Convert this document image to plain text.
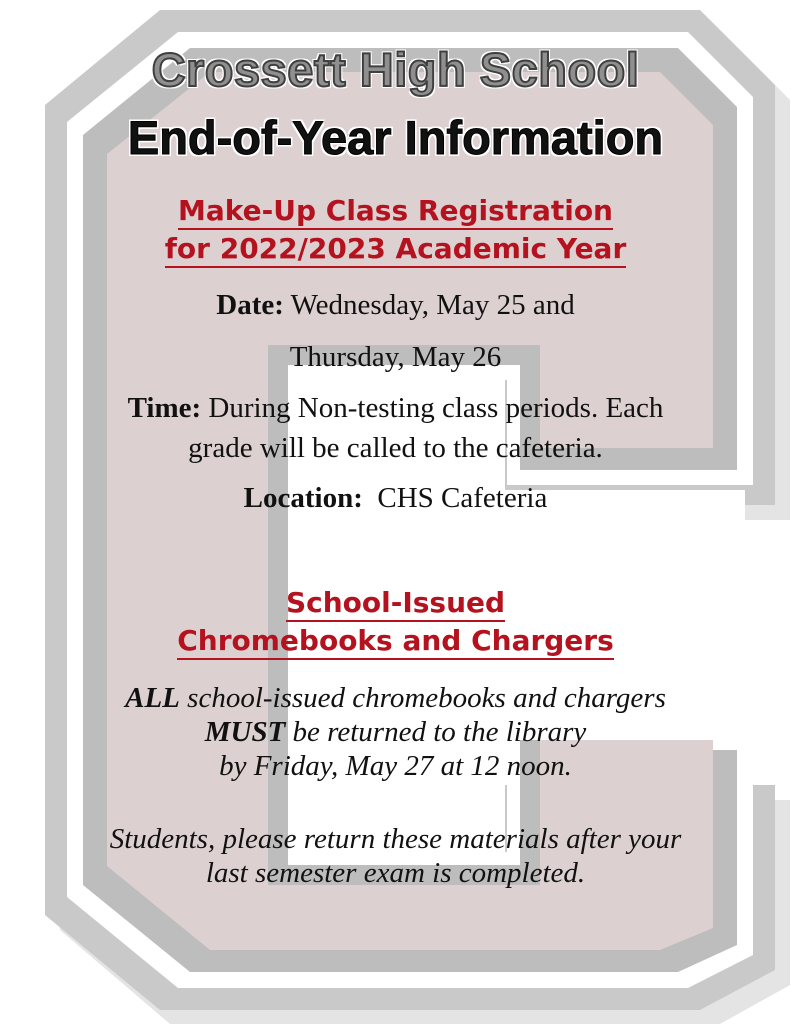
Crossett High School
End-of-Year Information
Make-Up Class Registration
for 2022/2023 Academic Year
Date: Wednesday, May 25 and
Thursday, May 26
Time: During Non-testing class periods. Each
grade will be called to the cafeteria.
Location: CHS Cafeteria
School-Issued
Chromebooks and Chargers
ALL school-issued chromebooks and chargers
MUST be returned to the library
by Friday, May 27 at 12 noon.
Students, please return these materials after your
last semester exam is completed.
